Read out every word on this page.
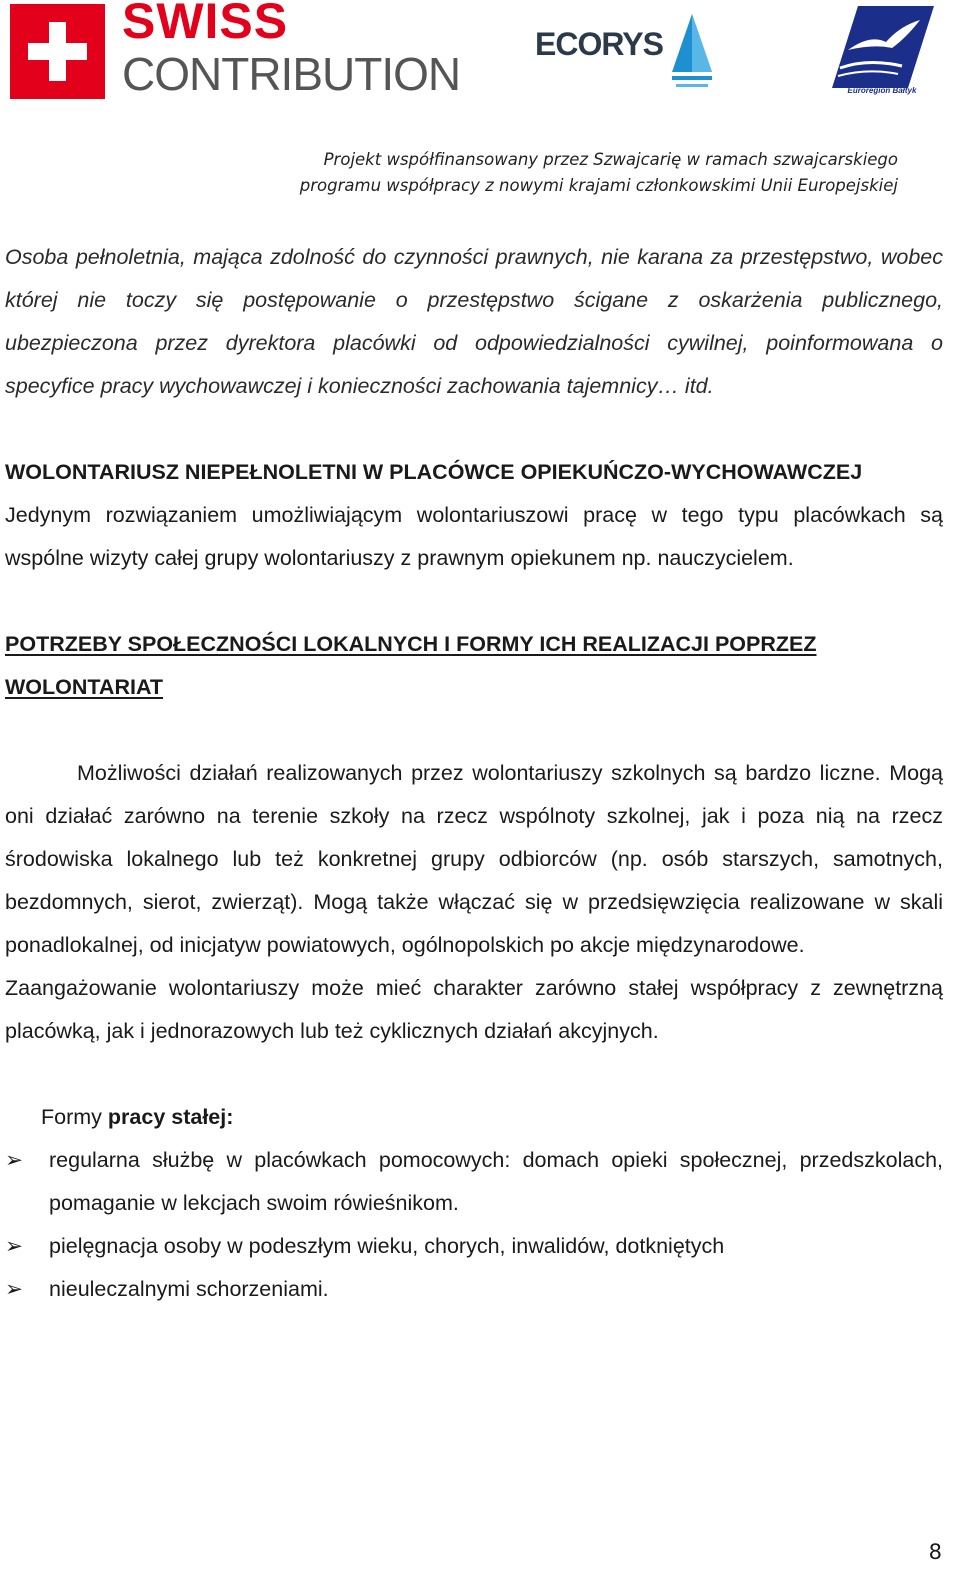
SWISS
CONTRIBUTION
ECORYS
Euroregion Bałtyk
Projekt współfinansowany przez Szwajcarię w ramach szwajcarskiego
programu współpracy z nowymi krajami członkowskimi Unii Europejskiej

Osoba pełnoletnia, mająca zdolność do czynności prawnych, nie karana za przestępstwo, wobec której nie toczy się postępowanie o przestępstwo ścigane z oskarżenia publicznego, ubezpieczona przez dyrektora placówki od odpowiedzialności cywilnej, poinformowana o specyfice pracy wychowawczej i konieczności zachowania tajemnicy… itd.

WOLONTARIUSZ NIEPEŁNOLETNI W PLACÓWCE OPIEKUŃCZO-WYCHOWAWCZEJ

Jedynym rozwiązaniem umożliwiającym wolontariuszowi pracę w tego typu placówkach są wspólne wizyty całej grupy wolontariuszy z prawnym opiekunem np. nauczycielem.

POTRZEBY SPOŁECZNOŚCI LOKALNYCH I FORMY ICH REALIZACJI POPRZEZ WOLONTARIAT

Możliwości działań realizowanych przez wolontariuszy szkolnych są bardzo liczne. Mogą oni działać zarówno na terenie szkoły na rzecz wspólnoty szkolnej, jak i poza nią na rzecz środowiska lokalnego lub też konkretnej grupy odbiorców (np. osób starszych, samotnych, bezdomnych, sierot, zwierząt). Mogą także włączać się w przedsięwzięcia realizowane w skali ponadlokalnej, od inicjatyw powiatowych, ogólnopolskich po akcje międzynarodowe.

Zaangażowanie wolontariuszy może mieć charakter zarówno stałej współpracy z zewnętrzną placówką, jak i jednorazowych lub też cyklicznych działań akcyjnych.

Formy pracy stałej:

➢ regularna służbę w placówkach pomocowych: domach opieki społecznej, przedszkolach, pomaganie w lekcjach swoim rówieśnikom.
➢ pielęgnacja osoby w podeszłym wieku, chorych, inwalidów, dotkniętych
➢ nieuleczalnymi schorzeniami.
8
